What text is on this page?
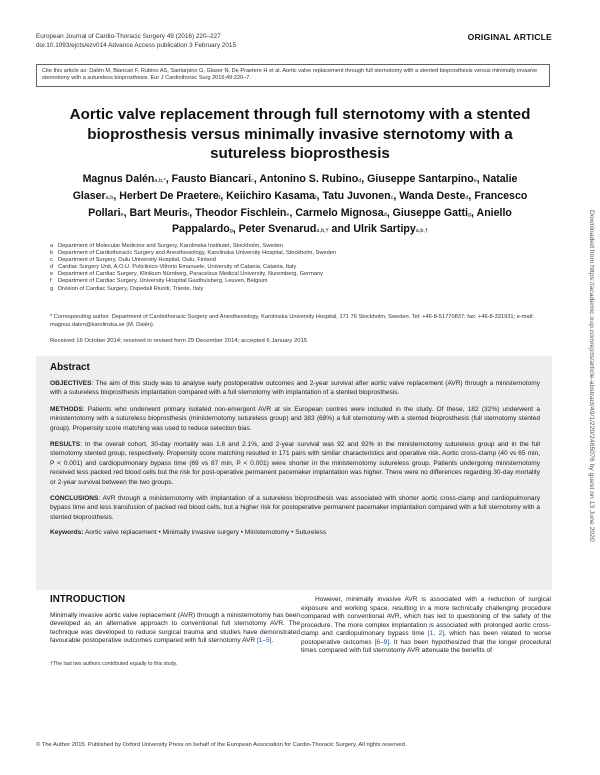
European Journal of Cardio-Thoracic Surgery 49 (2016) 220–227
doi:10.1093/ejcts/ezv014 Advance Access publication 3 February 2015
ORIGINAL ARTICLE
Cite this article as: Dalén M, Biancari F, Rubino AS, Santarpino G, Glaser N, De Praetere H et al. Aortic valve replacement through full sternotomy with a stented bioprosthesis versus minimally invasive sternotomy with a sutureless bioprosthesis. Eur J Cardiothorac Surg 2016;49:220–7.
Aortic valve replacement through full sternotomy with a stented bioprosthesis versus minimally invasive sternotomy with a sutureless bioprosthesis
Magnus Dalén$^{a,b,*}$, Fausto Biancari$^c$, Antonino S. Rubino$^d$, Giuseppe Santarpino$^e$, Natalie Glaser$^{a,b}$, Herbert De Praetere$^f$, Keiichiro Kasama$^f$, Tatu Juvonen$^c$, Wanda Deste$^d$, Francesco Pollari$^e$, Bart Meuris$^f$, Theodor Fischlein$^e$, Carmelo Mignosa$^d$, Giuseppe Gatti$^g$, Aniello Pappalardo$^g$, Peter Svenarud$^{a,b,\dagger}$ and Ulrik Sartipy$^{a,b,\dagger}$
a Department of Molecular Medicine and Surgery, Karolinska Institutet, Stockholm, Sweden
b Department of Cardiothoracic Surgery and Anesthesiology, Karolinska University Hospital, Stockholm, Sweden
c Department of Surgery, Oulu University Hospital, Oulu, Finland
d Cardiac Surgery Unit, A.O.U. Policlinico-Vittorio Emanuele, University of Catania, Catania, Italy
e Department of Cardiac Surgery, Klinikum Nürnberg, Paracelsus Medical University, Nuremberg, Germany
f	Department of Cardiac Surgery, University Hospital Gasthuisberg, Leuven, Belgium
g Division of Cardiac Surgery, Ospedali Riuniti, Trieste, Italy
* Corresponding author. Department of Cardiothoracic Surgery and Anesthesiology, Karolinska University Hospital, 171 76 Stockholm, Sweden. Tel: +46-8-51770837; fax: +46-8-331931; e-mail: magnus.dalen@karolinska.se (M. Dalén).
Received 16 October 2014; received in revised form 29 December 2014; accepted 6 January 2015	Downloaded from https://academic.oup.com/ejcts/article-abstract/49/1/220/2465076 by guest on 13 June 2020
Abstract

OBJECTIVES: The aim of this study was to analyse early postoperative outcomes and 2-year survival after aortic valve replacement (AVR) through a ministernotomy with a sutureless bioprosthesis implantation compared with a full sternotomy with implantation of a stented bioprosthesis.

METHODS: Patients who underwent primary isolated non-emergent AVR at six European centres were included in the study. Of these, 182 (32%) underwent a ministernotomy with a sutureless bioprosthesis (ministernotomy sutureless group) and 383 (68%) a full sternotomy with a stented bioprosthesis (full sternotomy stented group). Propensity score matching was used to reduce selection bias.

RESULTS: In the overall cohort, 30-day mortality was 1.6 and 2.1%, and 2-year survival was 92 and 92% in the ministernotomy sutureless group and in the full sternotomy stented group, respectively. Propensity score matching resulted in 171 pairs with similar characteristics and operative risk. Aortic cross-clamp (40 vs 65 min, P < 0.001) and cardiopulmonary bypass time (69 vs 87 min, P < 0.001) were shorter in the ministernotomy sutureless group. Patients undergoing ministernotomy received less packed red blood cells but the risk for post-operative permanent pacemaker implantation was higher. There were no differences regarding 30-day mortality or 2-year survival between the two groups.

CONCLUSIONS: AVR through a ministernotomy with implantation of a sutureless bioprosthesis was associated with shorter aortic cross-clamp and cardiopulmonary bypass time and less transfusion of packed red blood cells, but a higher risk for postoperative permanent pacemaker implantation compared with a full sternotomy with a stented bioprosthesis.

Keywords: Aortic valve replacement • Minimally invasive surgery • Ministernotomy • Sutureless
INTRODUCTION

Minimally invasive aortic valve replacement (AVR) through a ministernotomy has been developed as an alternative approach to conventional full sternotomy AVR. The technique was developed to reduce surgical trauma and studies have demonstrated favourable postoperative outcomes compared with full sternotomy AVR [1–5].

†The last two authors contributed equally to this study.

However, minimally invasive AVR is associated with a reduction of surgical exposure and working space, resulting in a more technically challenging procedure compared with conventional AVR, which has led to questioning of the safety of the procedure. The more complex implantation is associated with prolonged aortic cross-clamp and cardiopulmonary bypass time [1, 2], which has been related to worse postoperative outcomes [6–9]. It has been hypothesized that the longer procedural times compared with full sternotomy AVR attenuate the benefits of

© The Author 2015. Published by Oxford University Press on behalf of the European Association for Cardio-Thoracic Surgery. All rights reserved.
